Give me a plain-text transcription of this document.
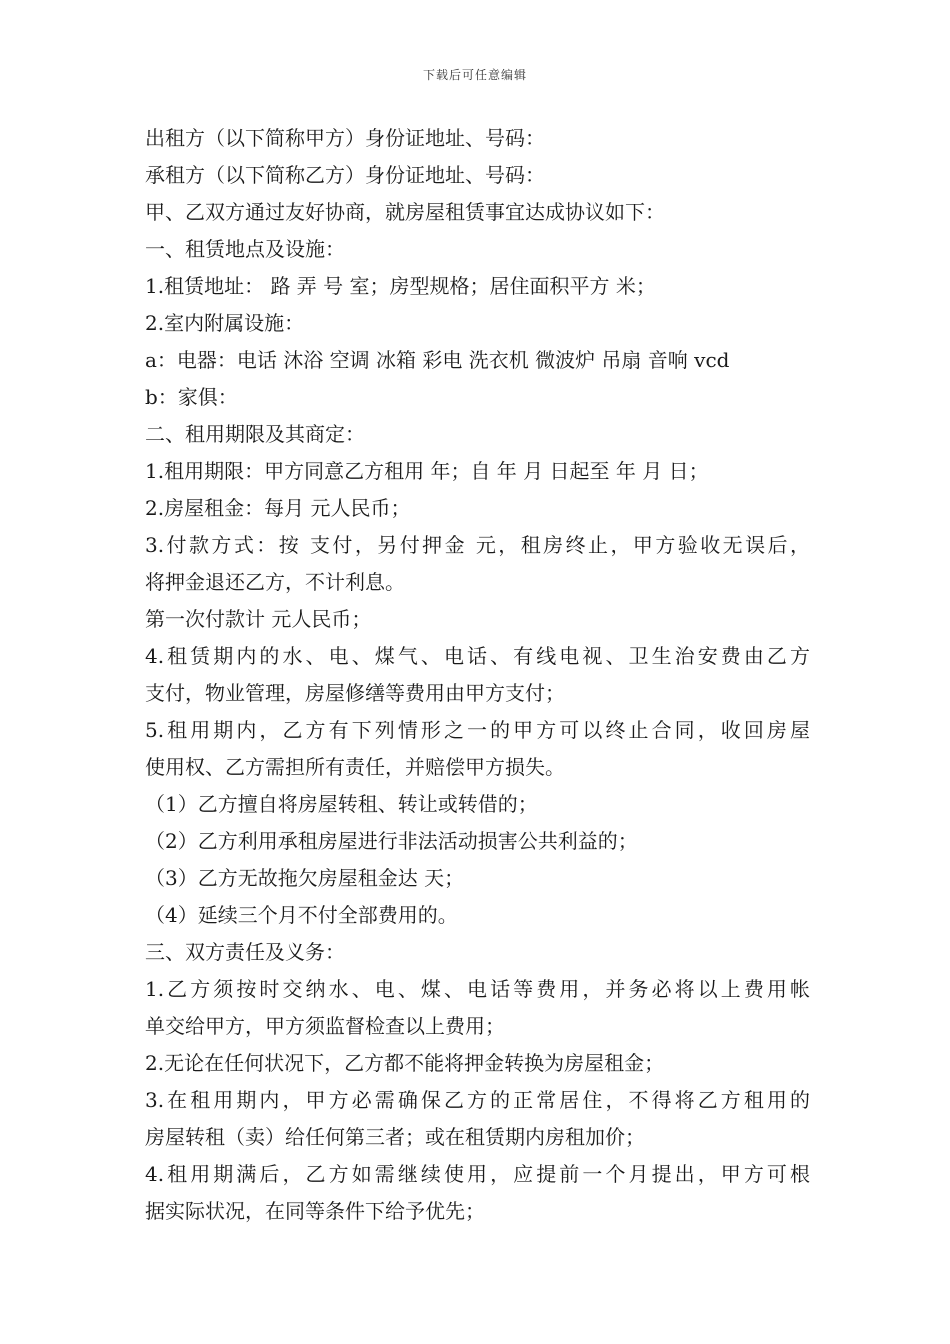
下载后可任意编辑
出租方（以下简称甲方）身份证地址、号码：
承租方（以下简称乙方）身份证地址、号码：
甲、乙双方通过友好协商，就房屋租赁事宜达成协议如下：
一、租赁地点及设施：
1.租赁地址： 路 弄 号 室；房型规格；居住面积平方 米；
2.室内附属设施：
a：电器：电话 沐浴 空调 冰箱 彩电 洗衣机 微波炉 吊扇 音响 vcd
b：家俱：
二、租用期限及其商定：
1.租用期限：甲方同意乙方租用 年；自 年 月 日起至 年 月 日；
2.房屋租金：每月 元人民币；
3.付款方式：按 支付，另付押金 元，租房终止，甲方验收无误后，
将押金退还乙方，不计利息。
第一次付款计 元人民币；
4.租赁期内的水、电、煤气、电话、有线电视、卫生治安费由乙方
支付，物业管理，房屋修缮等费用由甲方支付；
5.租用期内，乙方有下列情形之一的甲方可以终止合同，收回房屋
使用权、乙方需担所有责任，并赔偿甲方损失。
（1）乙方擅自将房屋转租、转让或转借的；
（2）乙方利用承租房屋进行非法活动损害公共利益的；
（3）乙方无故拖欠房屋租金达 天；
（4）延续三个月不付全部费用的。
三、双方责任及义务：
1.乙方须按时交纳水、电、煤、电话等费用，并务必将以上费用帐
单交给甲方，甲方须监督检查以上费用；
2.无论在任何状况下，乙方都不能将押金转换为房屋租金；
3.在租用期内，甲方必需确保乙方的正常居住，不得将乙方租用的
房屋转租（卖）给任何第三者；或在租赁期内房租加价；
4.租用期满后，乙方如需继续使用，应提前一个月提出，甲方可根
据实际状况，在同等条件下给予优先；
